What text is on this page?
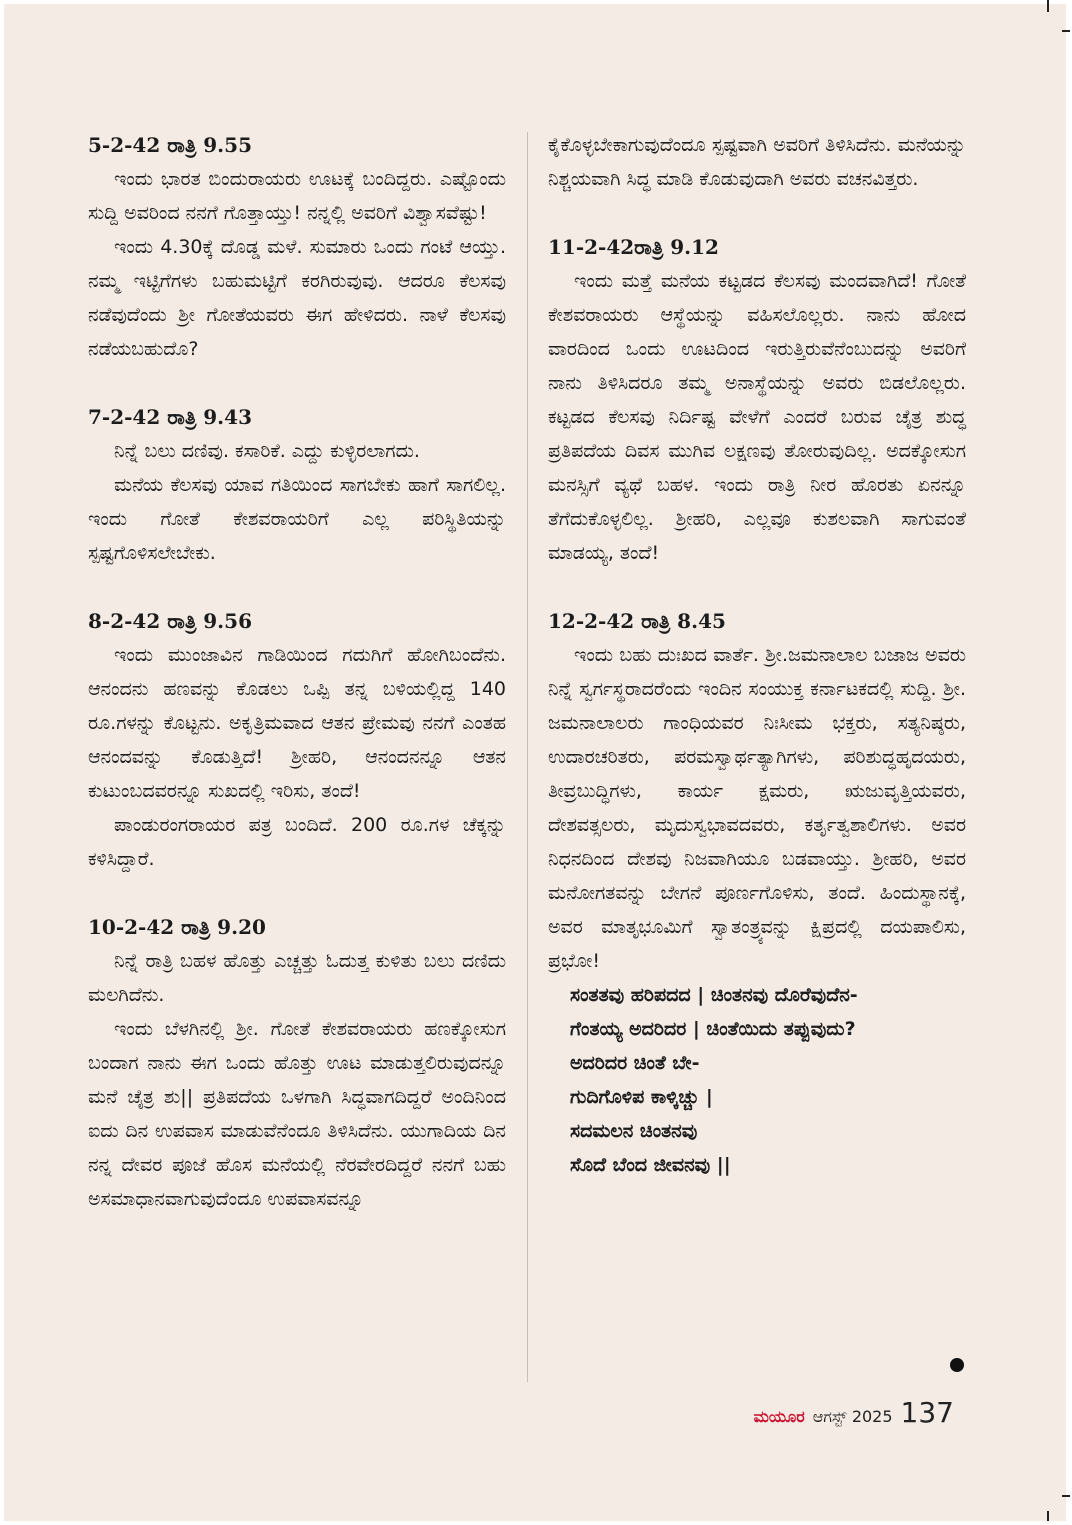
5-2-42 ರಾತ್ರಿ 9.55

ಇಂದು ಭಾರತ ಬಿಂದುರಾಯರು ಊಟಕ್ಕೆ ಬಂದಿದ್ದರು. ಎಷ್ಟೊಂದು ಸುದ್ದಿ ಅವರಿಂದ ನನಗೆ ಗೊತ್ತಾಯ್ತು! ನನ್ನಲ್ಲಿ ಅವರಿಗೆ ವಿಶ್ವಾಸವೆಷ್ಟು!

ಇಂದು 4.30ಕ್ಕೆ ದೊಡ್ಡ ಮಳೆ. ಸುಮಾರು ಒಂದು ಗಂಟೆ ಆಯ್ತು. ನಮ್ಮ ಇಟ್ಟಿಗೆಗಳು ಬಹುಮಟ್ಟಿಗೆ ಕರಗಿರುವುವು. ಆದರೂ ಕೆಲಸವು ನಡೆವುದೆಂದು ಶ್ರೀ ಗೋತೆಯವರು ಈಗ ಹೇಳಿದರು. ನಾಳೆ ಕೆಲಸವು ನಡೆಯಬಹುದೊ?

7-2-42 ರಾತ್ರಿ 9.43

ನಿನ್ನೆ ಬಲು ದಣಿವು. ಕಸಾರಿಕೆ. ಎದ್ದು ಕುಳ್ಳಿರಲಾಗದು.

ಮನೆಯ ಕೆಲಸವು ಯಾವ ಗತಿಯಿಂದ ಸಾಗಬೇಕು ಹಾಗೆ ಸಾಗಲಿಲ್ಲ. ಇಂದು ಗೋತೆ ಕೇಶವರಾಯರಿಗೆ ಎಲ್ಲ ಪರಿಸ್ಥಿತಿಯನ್ನು ಸ್ಪಷ್ಟಗೊಳಿಸಲೇಬೇಕು.

8-2-42 ರಾತ್ರಿ 9.56

ಇಂದು ಮುಂಜಾವಿನ ಗಾಡಿಯಿಂದ ಗದುಗಿಗೆ ಹೋಗಿಬಂದೆನು. ಆನಂದನು ಹಣವನ್ನು ಕೊಡಲು ಒಪ್ಪಿ ತನ್ನ ಬಳಿಯಲ್ಲಿದ್ದ 140 ರೂ.ಗಳನ್ನು ಕೊಟ್ಟನು. ಅಕೃತ್ರಿಮವಾದ ಆತನ ಪ್ರೇಮವು ನನಗೆ ಎಂತಹ ಆನಂದವನ್ನು ಕೊಡುತ್ತಿದೆ! ಶ್ರೀಹರಿ, ಆನಂದನನ್ನೂ ಆತನ ಕುಟುಂಬದವರನ್ನೂ ಸುಖದಲ್ಲಿ ಇರಿಸು, ತಂದೆ!

ಪಾಂಡುರಂಗರಾಯರ ಪತ್ರ ಬಂದಿದೆ. 200 ರೂ.ಗಳ ಚೆಕ್ಕನ್ನು ಕಳಿಸಿದ್ದಾರೆ.

10-2-42 ರಾತ್ರಿ 9.20

ನಿನ್ನೆ ರಾತ್ರಿ ಬಹಳ ಹೊತ್ತು ಎಚ್ಚತ್ತು ಓದುತ್ತ ಕುಳಿತು ಬಲು ದಣಿದು ಮಲಗಿದೆನು.

ಇಂದು ಬೆಳಗಿನಲ್ಲಿ ಶ್ರೀ. ಗೋತೆ ಕೇಶವರಾಯರು ಹಣಕ್ಕೋಸುಗ ಬಂದಾಗ ನಾನು ಈಗ ಒಂದು ಹೊತ್ತು ಊಟ ಮಾಡುತ್ತಲಿರುವುದನ್ನೂ ಮನೆ ಚೈತ್ರ ಶು|| ಪ್ರತಿಪದೆಯ ಒಳಗಾಗಿ ಸಿದ್ಧವಾಗದಿದ್ದರೆ ಅಂದಿನಿಂದ ಐದು ದಿನ ಉಪವಾಸ ಮಾಡುವೆನೆಂದೂ ತಿಳಿಸಿದೆನು. ಯುಗಾದಿಯ ದಿನ ನನ್ನ ದೇವರ ಪೂಜೆ ಹೊಸ ಮನೆಯಲ್ಲಿ ನೆರವೇರದಿದ್ದರೆ ನನಗೆ ಬಹು ಅಸಮಾಧಾನವಾಗುವುದೆಂದೂ ಉಪವಾಸವನ್ನೂ

ಕೈಕೊಳ್ಳಬೇಕಾಗುವುದೆಂದೂ ಸ್ಪಷ್ಟವಾಗಿ ಅವರಿಗೆ ತಿಳಿಸಿದೆನು. ಮನೆಯನ್ನು ನಿಶ್ಚಯವಾಗಿ ಸಿದ್ಧ ಮಾಡಿ ಕೊಡುವುದಾಗಿ ಅವರು ವಚನವಿತ್ತರು.

11-2-42ರಾತ್ರಿ 9.12

ಇಂದು ಮತ್ತೆ ಮನೆಯ ಕಟ್ಟಡದ ಕೆಲಸವು ಮಂದವಾಗಿದೆ! ಗೋತೆ ಕೇಶವರಾಯರು ಆಸ್ಥೆಯನ್ನು ವಹಿಸಲೊಲ್ಲರು. ನಾನು ಹೋದ ವಾರದಿಂದ ಒಂದು ಊಟದಿಂದ ಇರುತ್ತಿರುವೆನೆಂಬುದನ್ನು ಅವರಿಗೆ ನಾನು ತಿಳಿಸಿದರೂ ತಮ್ಮ ಅನಾಸ್ಥೆಯನ್ನು ಅವರು ಬಿಡಲೊಲ್ಲರು. ಕಟ್ಟಡದ ಕೆಲಸವು ನಿರ್ದಿಷ್ಟ ವೇಳೆಗೆ ಎಂದರೆ ಬರುವ ಚೈತ್ರ ಶುದ್ಧ ಪ್ರತಿಪದೆಯ ದಿವಸ ಮುಗಿವ ಲಕ್ಷಣವು ತೋರುವುದಿಲ್ಲ. ಅದಕ್ಕೋಸುಗ ಮನಸ್ಸಿಗೆ ವ್ಯಥೆ ಬಹಳ. ಇಂದು ರಾತ್ರಿ ನೀರ ಹೊರತು ಏನನ್ನೂ ತೆಗೆದುಕೊಳ್ಳಲಿಲ್ಲ. ಶ್ರೀಹರಿ, ಎಲ್ಲವೂ ಕುಶಲವಾಗಿ ಸಾಗುವಂತೆ ಮಾಡಯ್ಯ, ತಂದೆ!

12-2-42 ರಾತ್ರಿ 8.45

ಇಂದು ಬಹು ದುಃಖದ ವಾರ್ತೆ. ಶ್ರೀ.ಜಮನಾಲಾಲ ಬಜಾಜ ಅವರು ನಿನ್ನೆ ಸ್ವರ್ಗಸ್ಥರಾದರೆಂದು ಇಂದಿನ ಸಂಯುಕ್ತ ಕರ್ನಾಟಕದಲ್ಲಿ ಸುದ್ದಿ. ಶ್ರೀ. ಜಮನಾಲಾಲರು ಗಾಂಧಿಯವರ ನಿಃಸೀಮ ಭಕ್ತರು, ಸತ್ಯನಿಷ್ಠರು, ಉದಾರಚರಿತರು, ಪರಮಸ್ವಾರ್ಥತ್ಯಾಗಿಗಳು, ಪರಿಶುದ್ಧಹೃದಯರು, ತೀವ್ರಬುದ್ಧಿಗಳು, ಕಾರ್ಯ ಕ್ಷಮರು, ಋಜುವೃತ್ತಿಯವರು, ದೇಶವತ್ಸಲರು, ಮೃದುಸ್ವಭಾವದವರು, ಕರ್ತೃತ್ವಶಾಲಿಗಳು. ಅವರ ನಿಧನದಿಂದ ದೇಶವು ನಿಜವಾಗಿಯೂ ಬಡವಾಯ್ತು. ಶ್ರೀಹರಿ, ಅವರ ಮನೋಗತವನ್ನು ಬೇಗನೆ ಪೂರ್ಣಗೊಳಿಸು, ತಂದೆ. ಹಿಂದುಸ್ಥಾನಕ್ಕೆ, ಅವರ ಮಾತೃಭೂಮಿಗೆ ಸ್ವಾತಂತ್ರ್ಯವನ್ನು ಕ್ಷಿಪ್ರದಲ್ಲಿ ದಯಪಾಲಿಸು, ಪ್ರಭೋ!

ಸಂತತವು ಹರಿಪದದ | ಚಿಂತನವು ದೊರೆವುದೆನ-
ಗೆಂತಯ್ಯ ಅದರಿದರ | ಚಿಂತೆಯಿದು ತಪ್ಪುವುದು?
ಅದರಿದರ ಚಿಂತೆ ಬೇ-
ಗುದಿಗೊಳಿಪ ಕಾಳ್ಕಿಚ್ಚು |
ಸದಮಲನ ಚಿಂತನವು
ಸೊದೆ ಬೆಂದ ಜೀವನವು ||
ಮಯೂರ ಆಗಸ್ಟ್ 2025 137
